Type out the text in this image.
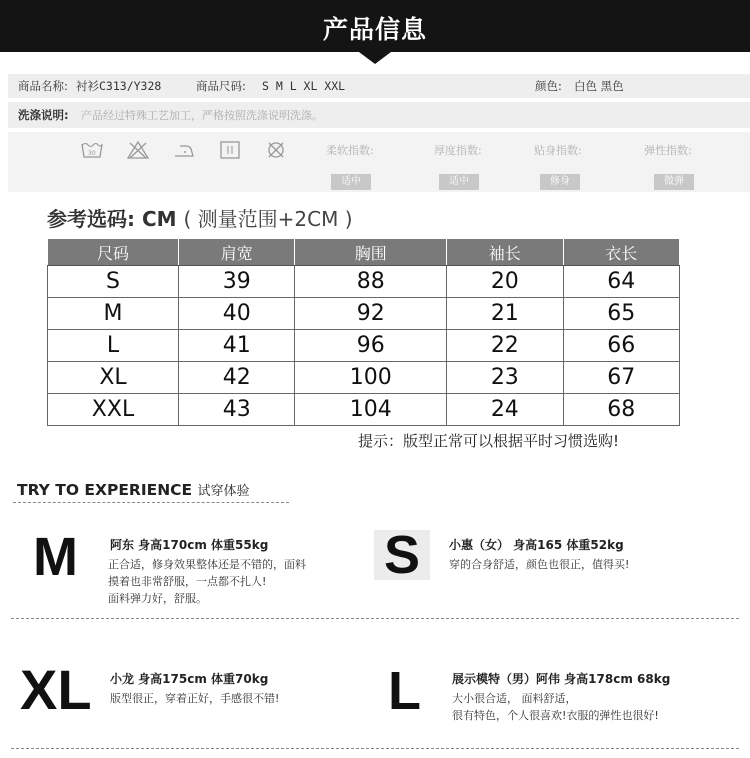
产品信息
商品名称: 衬衫C313/Y328	商品尺码: S M L XL XXL	颜色: 白色 黑色
洗涤说明: 产品经过特殊工艺加工，严格按照洗涤说明洗涤。
30	柔软指数:	厚度指数:	贴身指数:	弹性指数:
适中	适中	修身	微弹
参考选码: CM ( 测量范围+2CM )
尺码	肩宽	胸围	袖长	衣长
S	39	88	20	64
M	40	92	21	65
L	41	96	22	66
XL	42	100	23	67
XXL	43	104	24	68
提示：版型正常可以根据平时习惯选购!
TRY TO EXPERIENCE 试穿体验
M	阿东 身高170cm 体重55kg
正合适，修身效果整体还是不错的，面料
摸着也非常舒服，一点都不扎人!
面料弹力好，舒服。
S 小惠（女） 身高165 体重52kg
穿的合身舒适，颜色也很正，值得买!
XL 小龙 身高175cm 体重70kg
版型很正，穿着正好，手感很不错! L	展示模特（男）阿伟 身高178cm 68kg
大小很合适， 面料舒适，
很有特色，个人很喜欢!衣服的弹性也很好!
